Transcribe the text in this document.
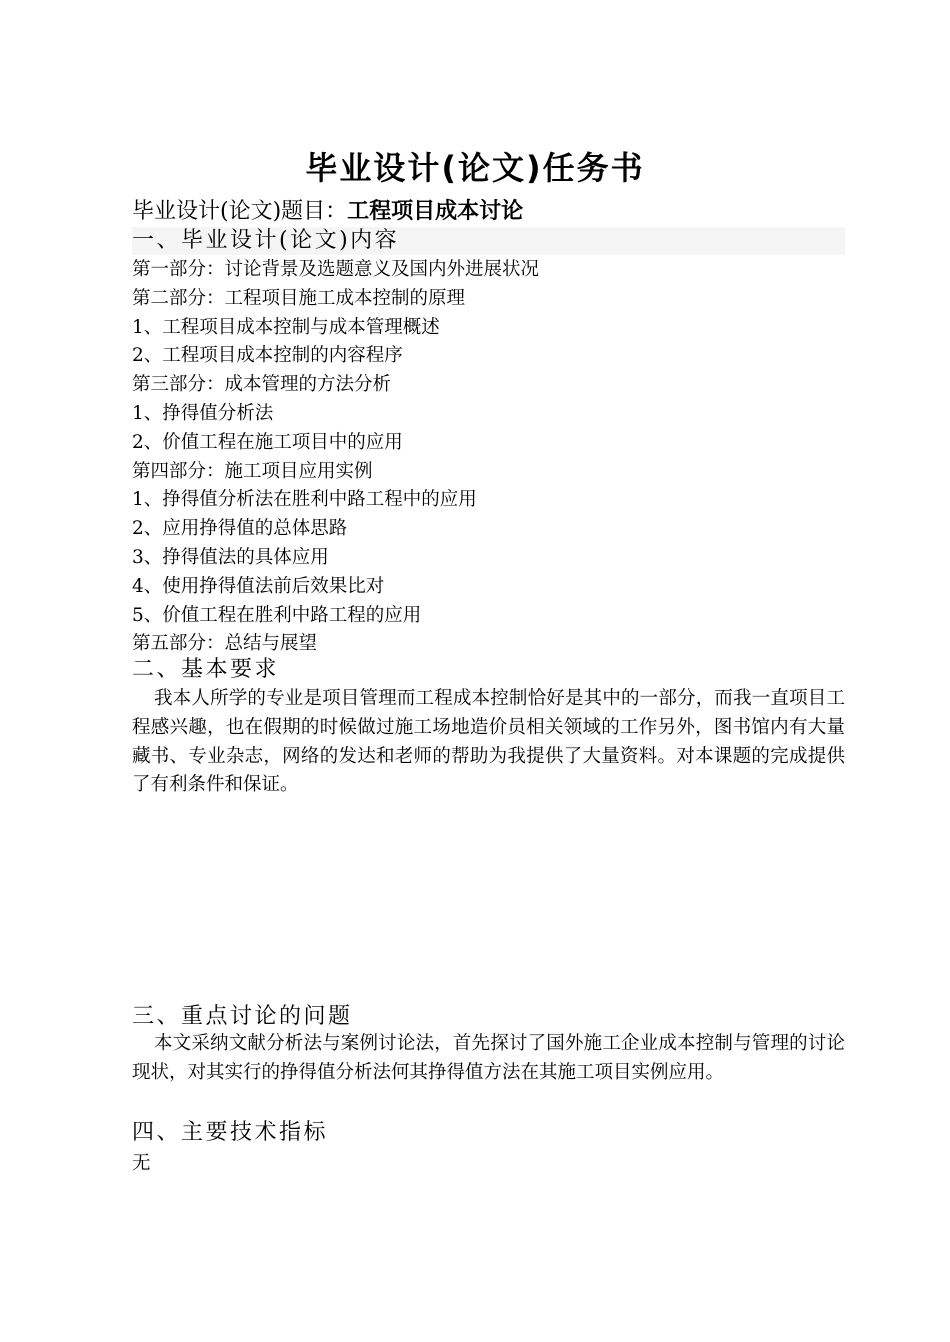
毕业设计(论文)任务书
毕业设计(论文)题目：工程项目成本讨论
一、毕业设计(论文)内容
第一部分：讨论背景及选题意义及国内外进展状况
第二部分：工程项目施工成本控制的原理
1、工程项目成本控制与成本管理概述
2、工程项目成本控制的内容程序
第三部分：成本管理的方法分析
1、挣得值分析法
2、价值工程在施工项目中的应用
第四部分：施工项目应用实例
1、挣得值分析法在胜利中路工程中的应用
2、应用挣得值的总体思路
3、挣得值法的具体应用
4、使用挣得值法前后效果比对
5、价值工程在胜利中路工程的应用
第五部分：总结与展望
二、基本要求

我本人所学的专业是项目管理而工程成本控制恰好是其中的一部分，而我一直项目工程感兴趣，也在假期的时候做过施工场地造价员相关领域的工作另外，图书馆内有大量藏书、专业杂志，网络的发达和老师的帮助为我提供了大量资料。对本课题的完成提供了有利条件和保证。

三、重点讨论的问题

本文采纳文献分析法与案例讨论法，首先探讨了国外施工企业成本控制与管理的讨论现状，对其实行的挣得值分析法何其挣得值方法在其施工项目实例应用。

四、主要技术指标
无
